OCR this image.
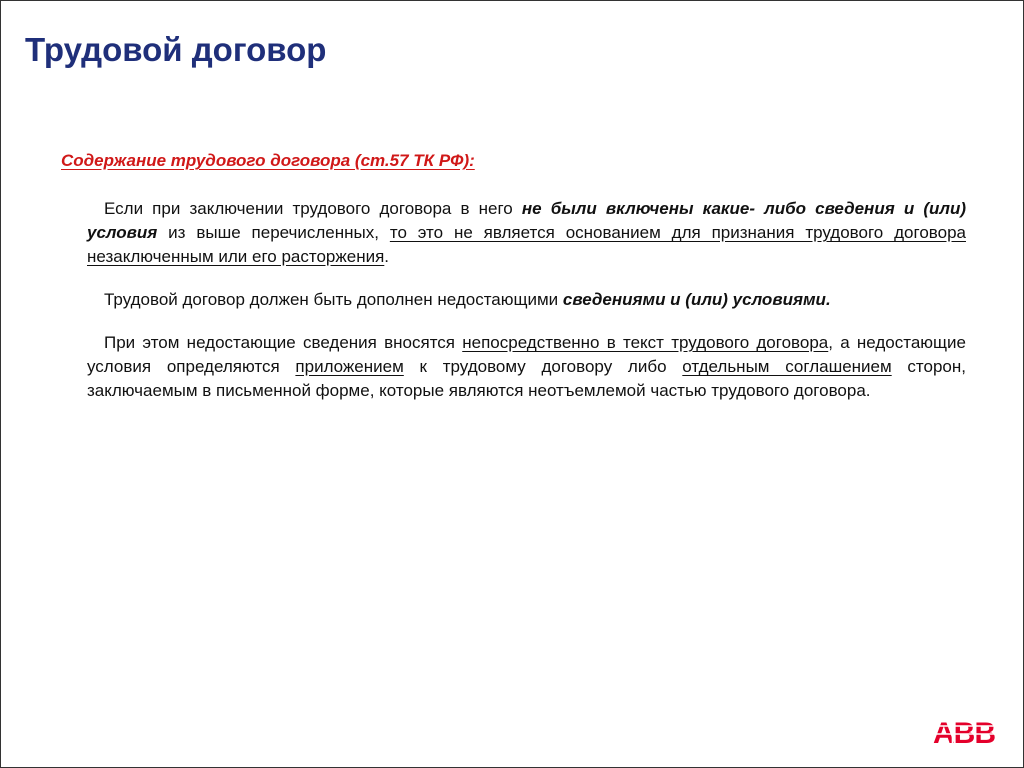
Трудовой договор
Содержание трудового договора (ст.57 ТК РФ):

Если при заключении трудового договора в него не были включены какие- либо сведения и (или) условия из выше перечисленных, то это не является основанием для признания трудового договора незаключенным или его расторжения.

Трудовой договор должен быть дополнен недостающими сведениями и (или) условиями.

При этом недостающие сведения вносятся непосредственно в текст трудового договора, а недостающие условия определяются приложением к трудовому договору либо отдельным соглашением сторон, заключаемым в письменной форме, которые являются неотъемлемой частью трудового договора.

ABB
